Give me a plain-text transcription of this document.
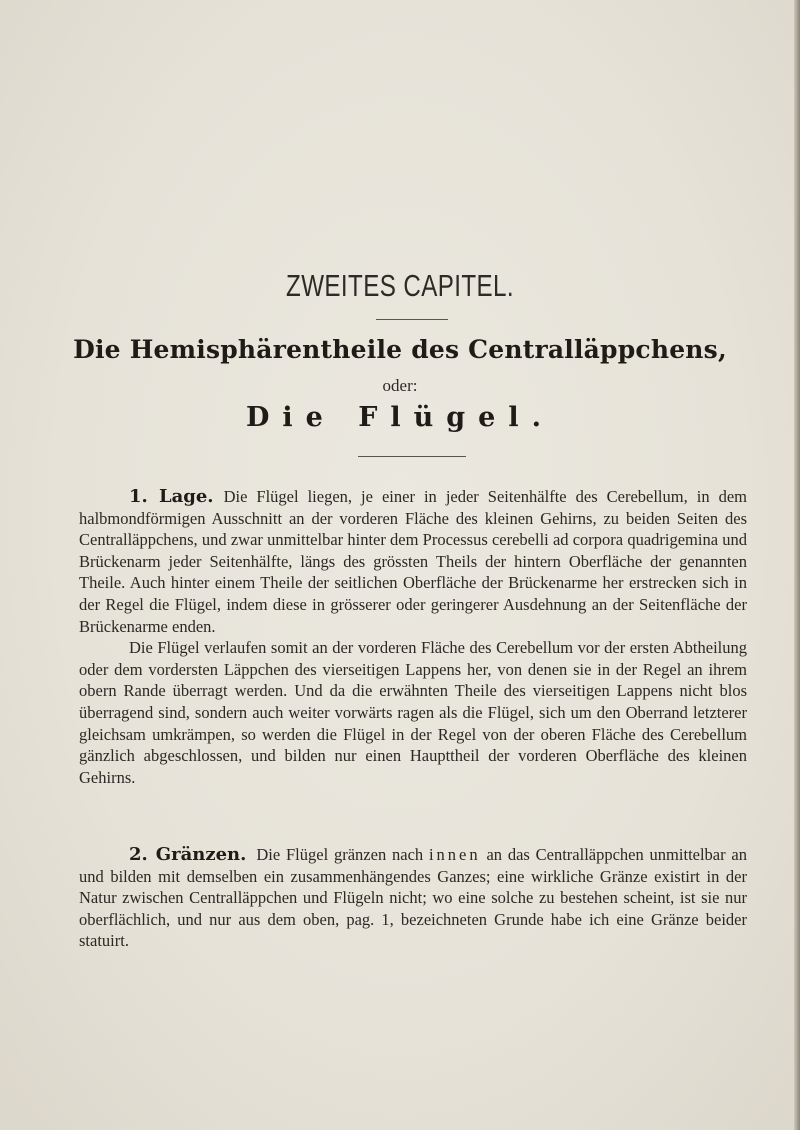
ZWEITES CAPITEL.
Die Hemisphärentheile des Centralläppchens,
oder:
Die Flügel.

1. Lage. Die Flügel liegen, je einer in jeder Seitenhälfte des Cerebellum, in dem halbmondförmigen Ausschnitt an der vorderen Fläche des kleinen Gehirns, zu beiden Seiten des Centralläppchens, und zwar unmittelbar hinter dem Processus cerebelli ad corpora quadrigemina und Brückenarm jeder Seitenhälfte, längs des grössten Theils der hintern Oberfläche der genannten Theile. Auch hinter einem Theile der seitlichen Oberfläche der Brückenarme her erstrecken sich in der Regel die Flügel, indem diese in grösserer oder geringerer Ausdehnung an der Seitenfläche der Brückenarme enden.

Die Flügel verlaufen somit an der vorderen Fläche des Cerebellum vor der ersten Abtheilung oder dem vordersten Läppchen des vierseitigen Lappens her, von denen sie in der Regel an ihrem obern Rande überragt werden. Und da die erwähnten Theile des vierseitigen Lappens nicht blos überragend sind, sondern auch weiter vorwärts ragen als die Flügel, sich um den Oberrand letzterer gleichsam umkrämpen, so werden die Flügel in der Regel von der oberen Fläche des Cerebellum gänzlich abgeschlossen, und bilden nur einen Haupttheil der vorderen Oberfläche des kleinen Gehirns.

2. Gränzen. Die Flügel gränzen nach innen an das Centralläppchen unmittelbar an und bilden mit demselben ein zusammenhängendes Ganzes; eine wirkliche Gränze existirt in der Natur zwischen Centralläppchen und Flügeln nicht; wo eine solche zu bestehen scheint, ist sie nur oberflächlich, und nur aus dem oben, pag. 1, bezeichneten Grunde habe ich eine Gränze beider statuirt.
